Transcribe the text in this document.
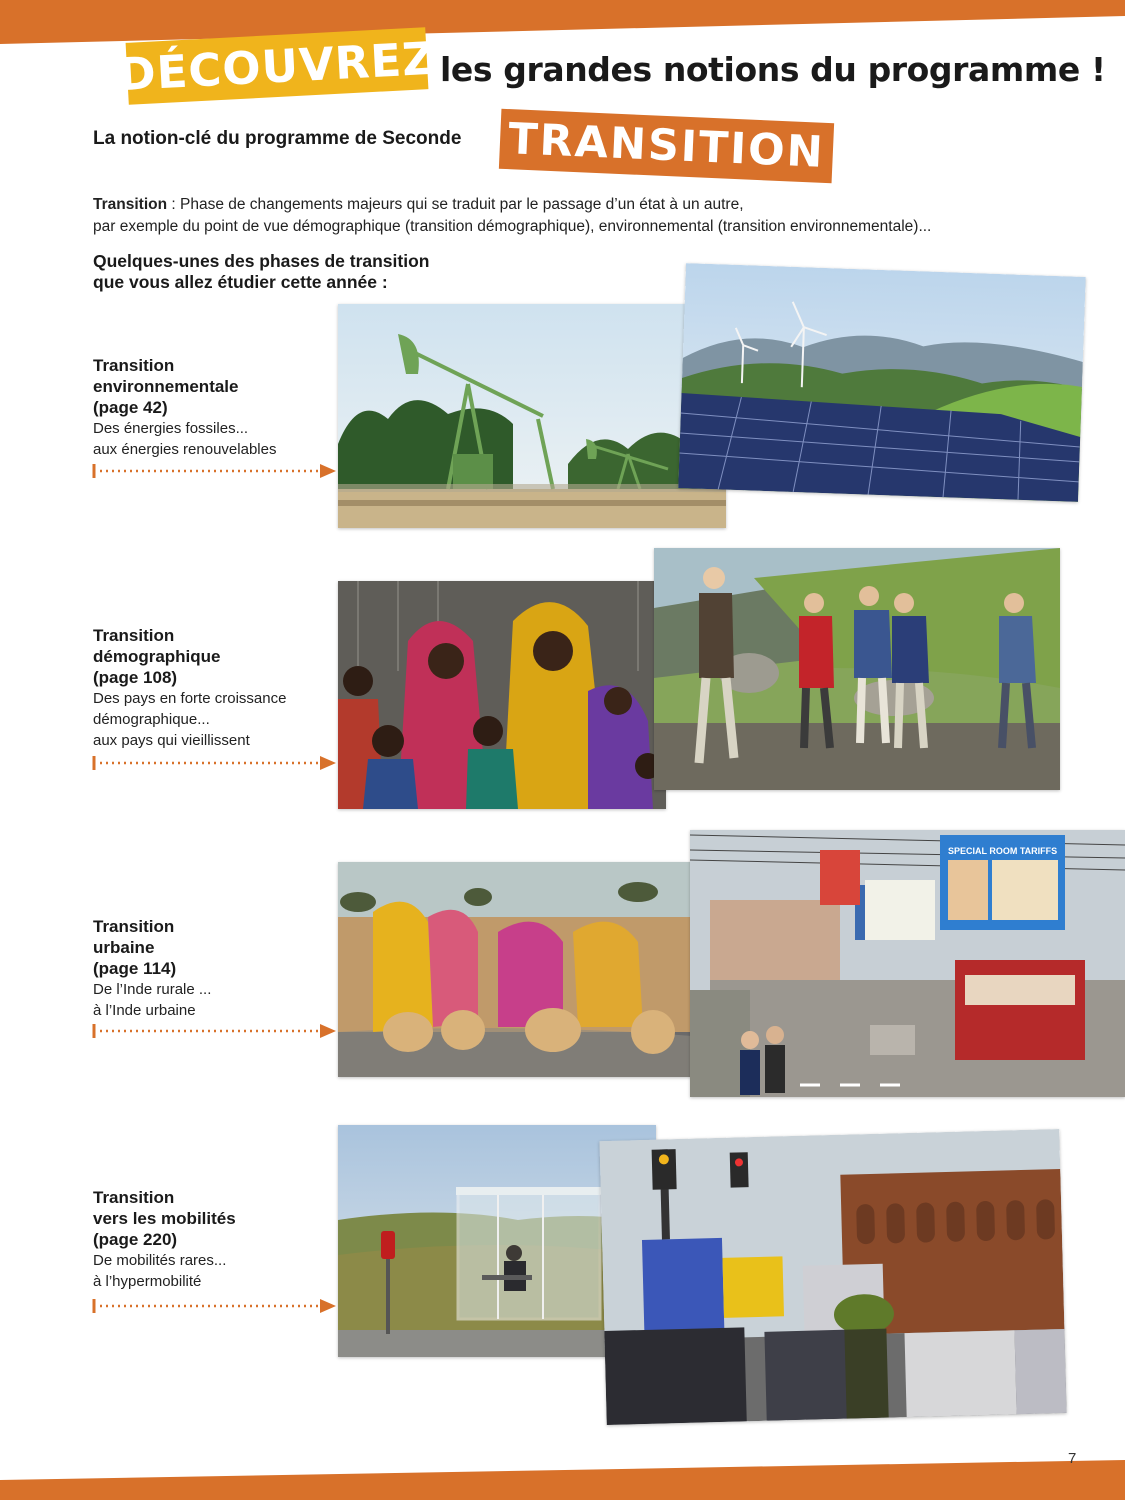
DÉCOUVREZ les grandes notions du programme !
La notion-clé du programme de Seconde TRANSITION
Transition : Phase de changements majeurs qui se traduit par le passage d’un état à un autre,
par exemple du point de vue démographique (transition démographique), environnemental (transition environnementale)...
Quelques-unes des phases de transition
que vous allez étudier cette année :
Transition
environnementale
(page 42)
Des énergies fossiles...
aux énergies renouvelables
Transition
démographique
(page 108)
Des pays en forte croissance
démographique...
aux pays qui vieillissent
Transition
urbaine
(page 114)
De l’Inde rurale ...
à l’Inde urbaine
Transition
vers les mobilités
(page 220)
De mobilités rares...
à l’hypermobilité
SPECIAL ROOM TARIFFS
7
